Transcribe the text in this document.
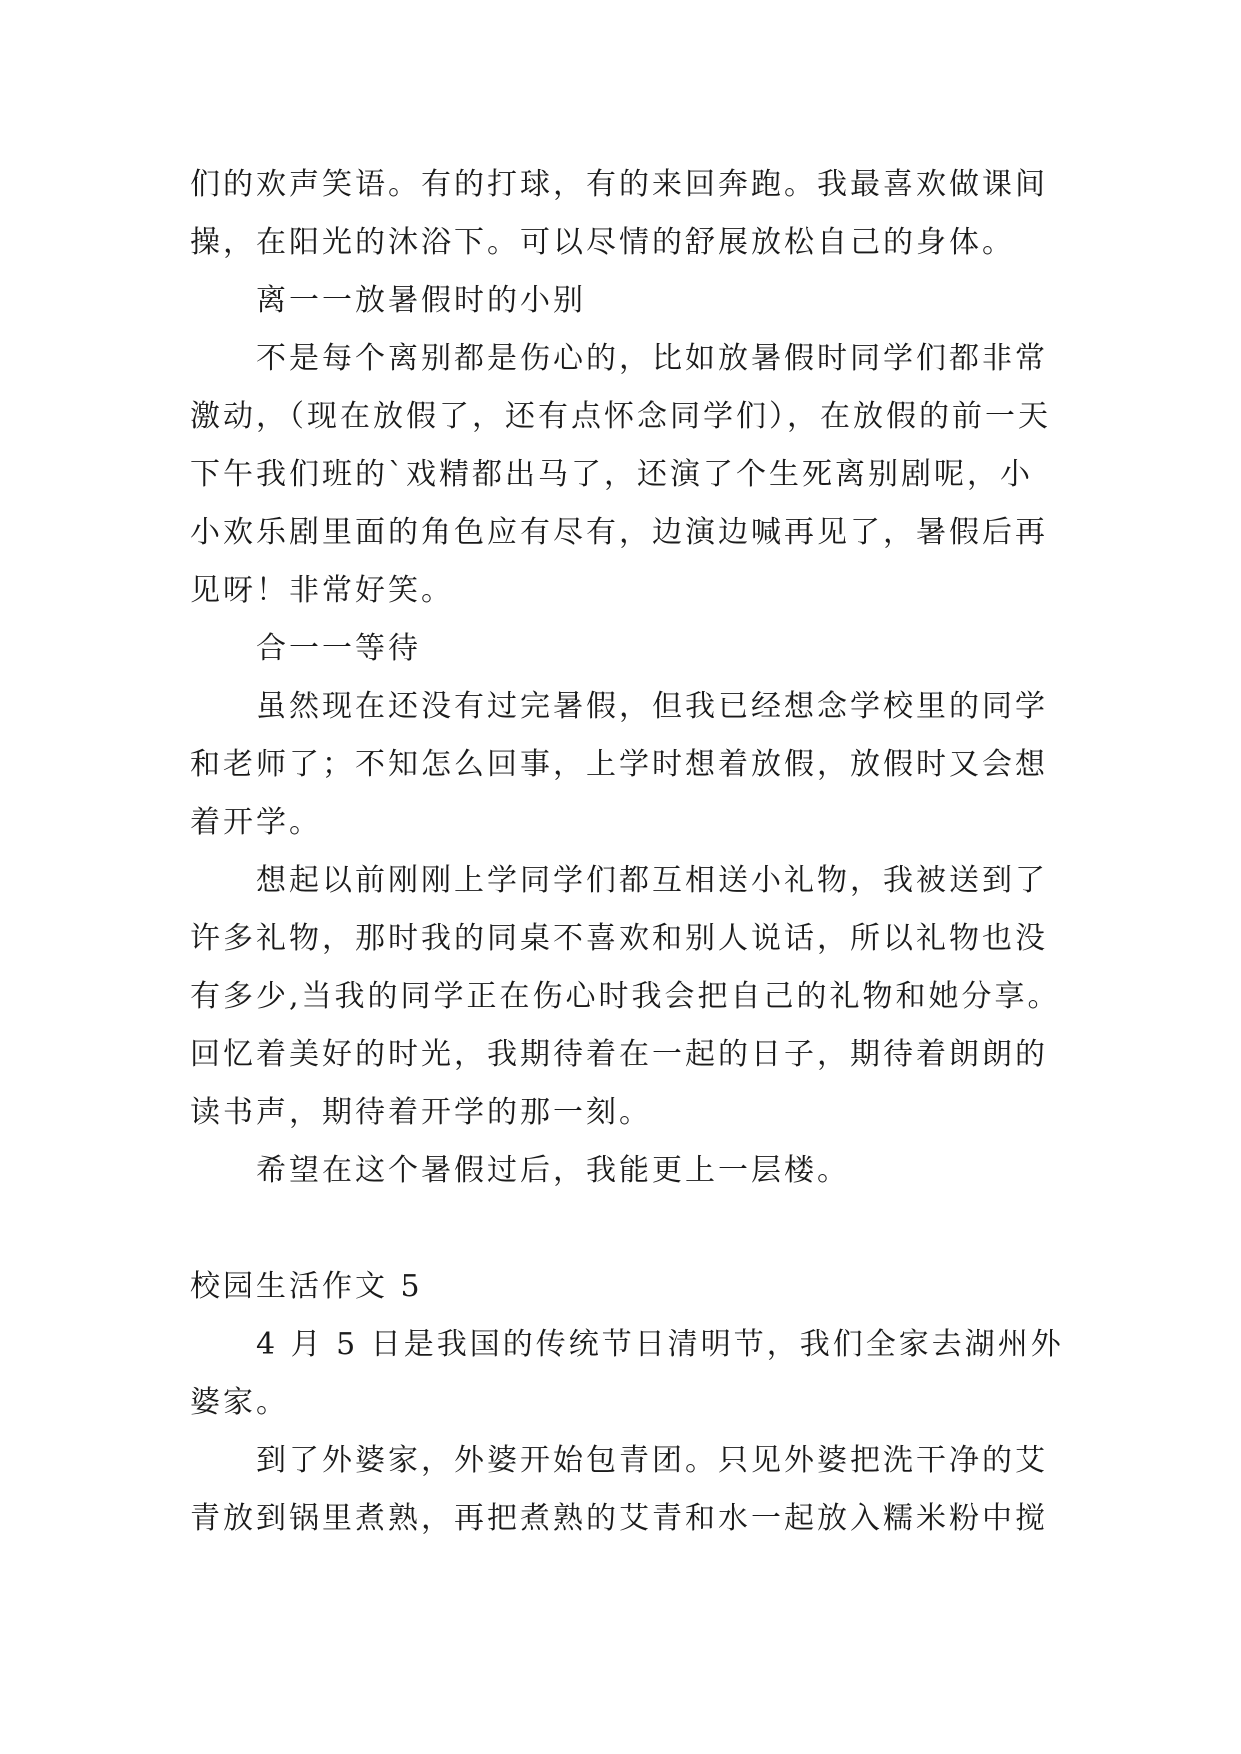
们的欢声笑语。有的打球，有的来回奔跑。我最喜欢做课间
操，在阳光的沐浴下。可以尽情的舒展放松自己的身体。
离一一放暑假时的小别
不是每个离别都是伤心的，比如放暑假时同学们都非常
激动，（现在放假了，还有点怀念同学们），在放假的前一天
下午我们班的`戏精都出马了，还演了个生死离别剧呢，小
小欢乐剧里面的角色应有尽有，边演边喊再见了，暑假后再
见呀！非常好笑。
合一一等待
虽然现在还没有过完暑假，但我已经想念学校里的同学
和老师了；不知怎么回事，上学时想着放假，放假时又会想
着开学。
想起以前刚刚上学同学们都互相送小礼物，我被送到了
许多礼物，那时我的同桌不喜欢和别人说话，所以礼物也没
有多少,当我的同学正在伤心时我会把自己的礼物和她分享。
回忆着美好的时光，我期待着在一起的日子，期待着朗朗的
读书声，期待着开学的那一刻。
希望在这个暑假过后，我能更上一层楼。
校园生活作文 5
4 月 5 日是我国的传统节日清明节，我们全家去湖州外
婆家。
到了外婆家，外婆开始包青团。只见外婆把洗干净的艾
青放到锅里煮熟，再把煮熟的艾青和水一起放入糯米粉中搅
